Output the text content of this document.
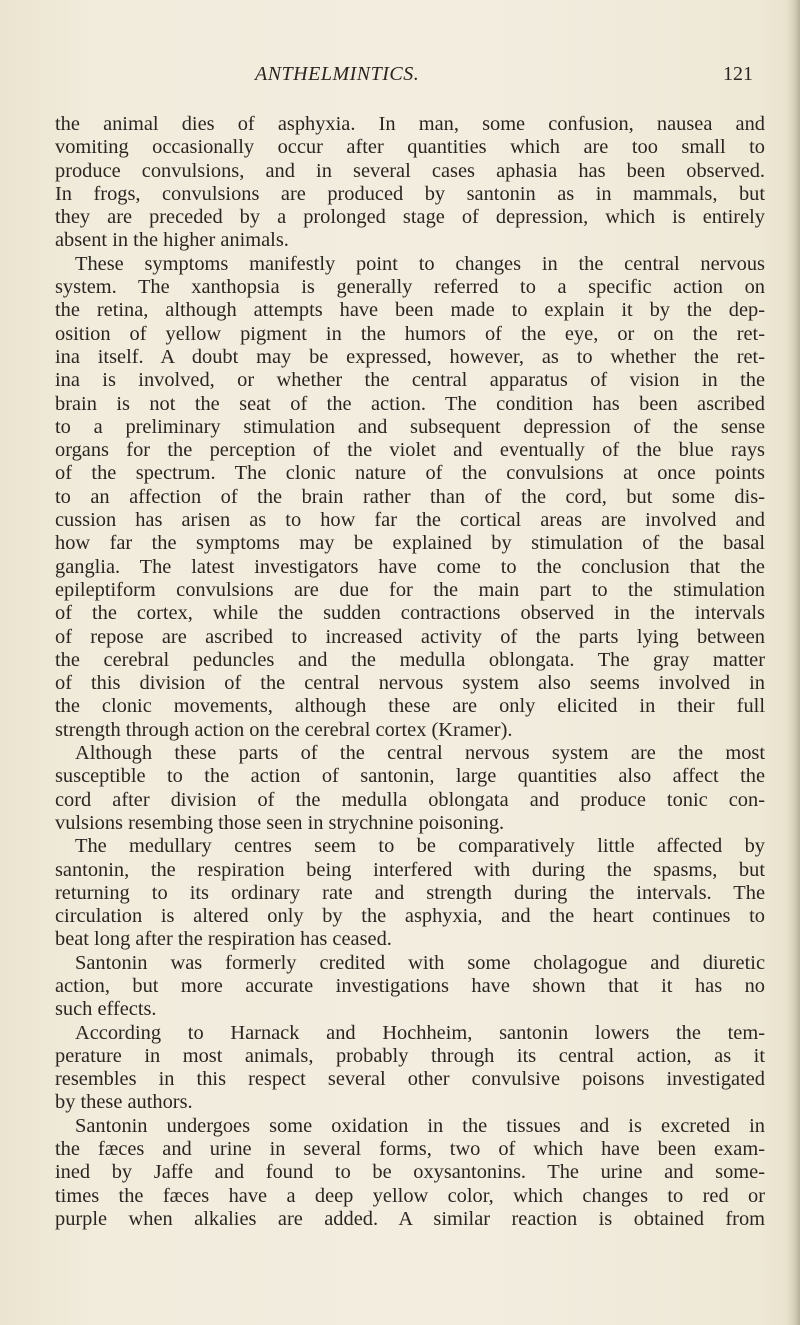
ANTHELMINTICS.	121
the animal dies of asphyxia. In man, some confusion, nausea and
vomiting occasionally occur after quantities which are too small to
produce convulsions, and in several cases aphasia has been observed.
In frogs, convulsions are produced by santonin as in mammals, but
they are preceded by a prolonged stage of depression, which is entirely
absent in the higher animals.
These symptoms manifestly point to changes in the central nervous
system. The xanthopsia is generally referred to a specific action on
the retina, although attempts have been made to explain it by the dep-
osition of yellow pigment in the humors of the eye, or on the ret-
ina itself. A doubt may be expressed, however, as to whether the ret-
ina is involved, or whether the central apparatus of vision in the
brain is not the seat of the action. The condition has been ascribed
to a preliminary stimulation and subsequent depression of the sense
organs for the perception of the violet and eventually of the blue rays
of the spectrum. The clonic nature of the convulsions at once points
to an affection of the brain rather than of the cord, but some dis-
cussion has arisen as to how far the cortical areas are involved and
how far the symptoms may be explained by stimulation of the basal
ganglia. The latest investigators have come to the conclusion that the
epileptiform convulsions are due for the main part to the stimulation
of the cortex, while the sudden contractions observed in the intervals
of repose are ascribed to increased activity of the parts lying between
the cerebral peduncles and the medulla oblongata. The gray matter
of this division of the central nervous system also seems involved in
the clonic movements, although these are only elicited in their full
strength through action on the cerebral cortex (Kramer).
Although these parts of the central nervous system are the most
susceptible to the action of santonin, large quantities also affect the
cord after division of the medulla oblongata and produce tonic con-
vulsions resembing those seen in strychnine poisoning.
The medullary centres seem to be comparatively little affected by
santonin, the respiration being interfered with during the spasms, but
returning to its ordinary rate and strength during the intervals. The
circulation is altered only by the asphyxia, and the heart continues to
beat long after the respiration has ceased.
Santonin was formerly credited with some cholagogue and diuretic
action, but more accurate investigations have shown that it has no
such effects.
According to Harnack and Hochheim, santonin lowers the tem-
perature in most animals, probably through its central action, as it
resembles in this respect several other convulsive poisons investigated
by these authors.
Santonin undergoes some oxidation in the tissues and is excreted in
the fæces and urine in several forms, two of which have been exam-
ined by Jaffe and found to be oxysantonins. The urine and some-
times the fæces have a deep yellow color, which changes to red or
purple when alkalies are added. A similar reaction is obtained from
